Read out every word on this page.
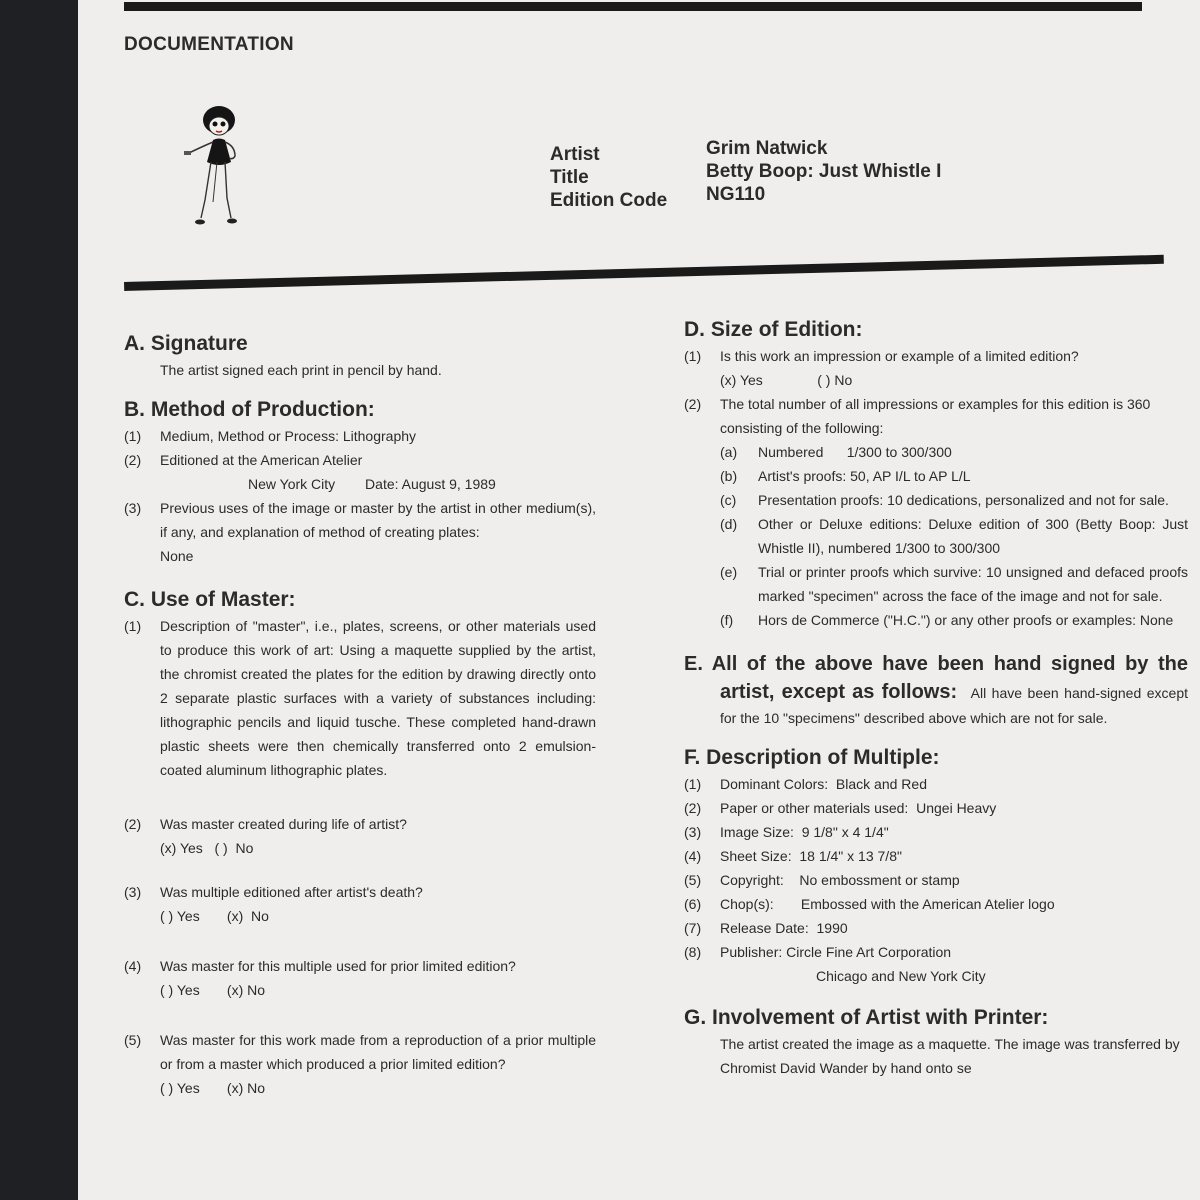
DOCUMENTATION
Artist
Title
Edition Code
Grim Natwick
Betty Boop: Just Whistle I
NG110
A. Signature
The artist signed each print in pencil by hand.
B. Method of Production:
(1) Medium, Method or Process: Lithography
(2) Editioned at the American Atelier
New York City Date: August 9, 1989
(3) Previous uses of the image or master by the artist in other medium(s), if any, and explanation of method of creating plates:
None
C. Use of Master:
(1) Description of "master", i.e., plates, screens, or other materials used to produce this work of art: Using a maquette supplied by the artist, the chromist created the plates for the edition by drawing directly onto 2 separate plastic surfaces with a variety of substances including: lithographic pencils and liquid tusche. These completed hand-drawn plastic sheets were then chemically transferred onto 2 emulsion-coated aluminum lithographic plates.
(2) Was master created during life of artist?
(x) Yes   ( )  No
(3) Was multiple editioned after artist's death?
( ) Yes       (x)  No
(4) Was master for this multiple used for prior limited edition?
( ) Yes       (x) No
(5) Was master for this work made from a reproduction of a prior multiple or from a master which produced a prior limited edition?
( ) Yes       (x) No
D. Size of Edition:
(1) Is this work an impression or example of a limited edition?
(x) Yes              ( ) No
(2) The total number of all impressions or examples for this edition is 360 consisting of the following:
(a) Numbered      1/300 to 300/300
(b) Artist's proofs: 50, AP I/L to AP L/L
(c) Presentation proofs: 10 dedications, personalized and not for sale.
(d) Other or Deluxe editions: Deluxe edition of 300 (Betty Boop: Just Whistle II), numbered 1/300 to 300/300
(e) Trial or printer proofs which survive: 10 unsigned and defaced proofs marked "specimen" across the face of the image and not for sale.
(f) Hors de Commerce ("H.C.") or any other proofs or examples: None
E. All of the above have been hand signed by the artist, except as follows: All have been hand-signed except for the 10 "specimens" described above which are not for sale.
F. Description of Multiple:
(1) Dominant Colors:  Black and Red
(2) Paper or other materials used:  Ungei Heavy
(3) Image Size:  9 1/8" x 4 1/4"
(4) Sheet Size:  18 1/4" x 13 7/8"
(5) Copyright:    No embossment or stamp
(6) Chop(s):       Embossed with the American Atelier logo
(7) Release Date:  1990
(8) Publisher: Circle Fine Art Corporation
Chicago and New York City
G. Involvement of Artist with Printer:
The artist created the image as a maquette. The image was transferred by Chromist David Wander by hand onto se
